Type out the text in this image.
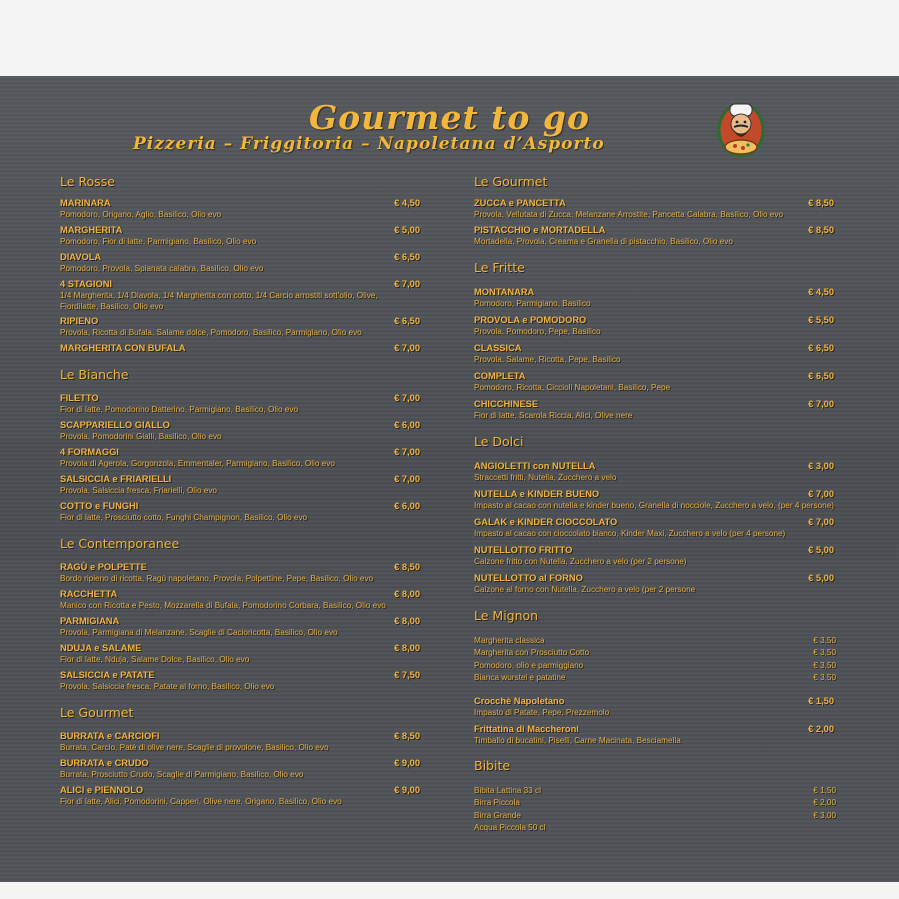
Gourmet to go
Pizzeria – Friggitoria – Napoletana d’Asporto
Le Rosse
MARINARA	€ 4,50
Pomodoro, Origano, Aglio, Basilico, Olio evo
MARGHERITA	€ 5,00
Pomodoro, Fior di latte, Parmigiano, Basilico, Olio evo
DIAVOLA	€ 6,50
Pomodoro, Provola, Spianata calabra, Basilico, Olio evo
4 STAGIONI	€ 7,00
1/4 Margherita, 1/4 Diavola, 1/4 Margherita con cotto, 1/4 Carcio arrostiti sott’olio, Olive, Fiordilatte, Basilico, Olio evo
RIPIENO	€ 6,50
Provola, Ricotta di Bufala, Salame dolce, Pomodoro, Basilico, Parmigiano, Olio evo
MARGHERITA CON BUFALA	€ 7,00
Le Bianche
FILETTO	€ 7,00
Fior di latte, Pomodorino Datterino, Parmigiano, Basilico, Olio evo
SCAPPARIELLO GIALLO	€ 6,00
Provola, Pomodorini Gialli, Basilico, Olio evo
4 FORMAGGI	€ 7,00
Provola di Agerola, Gorgonzola, Emmentaler, Parmigiano, Basilico, Olio evo
SALSICCIA e FRIARIELLI	€ 7,00
Provola, Salsiccia fresca, Friarielli, Olio evo
COTTO e FUNGHI	€ 6,00
Fior di latte, Prosciutto cotto, Funghi Champignon, Basilico, Olio evo
Le Contemporanee
RAGÙ e POLPETTE	€ 8,50
Bordo ripieno di ricotta, Ragù napoletano, Provola, Polpettine, Pepe, Basilico, Olio evo
RACCHETTA	€ 8,00
Manico con Ricotta e Pesto, Mozzarella di Bufala, Pomodorino Corbara, Basilico, Olio evo
PARMIGIANA	€ 8,00
Provola, Parmigiana di Melanzane, Scaglie di Cacioricotta, Basilico, Olio evo
NDUJA e SALAME	€ 8,00
Fior di latte, Nduja, Salame Dolce, Basilico, Olio evo
SALSICCIA e PATATE	€ 7,50
Provola, Salsiccia fresca, Patate al forno, Basilico, Olio evo
Le Gourmet
BURRATA e CARCIOFI	€ 8,50
Burrata, Carcio, Patè di olive nere, Scaglie di provolone, Basilico, Olio evo
BURRATA e CRUDO	€ 9,00
Burrata, Prosciutto Crudo, Scaglie di Parmigiano, Basilico, Olio evo
ALICI e PIENNOLO	€ 9,00
Fior di latte, Alici, Pomodorini, Capperi, Olive nere, Origano, Basilico, Olio evo
Le Gourmet
ZUCCA e PANCETTA	€ 8,50
Provola, Vellutata di Zucca, Melanzane Arrostite, Pancetta Calabra, Basilico, Olio evo
PISTACCHIO e MORTADELLA	€ 8,50
Mortadella, Provola, Creama e Granella di pistacchio, Basilico, Olio evo
Le Fritte
MONTANARA	€ 4,50
Pomodoro, Parmigiano, Basilico
PROVOLA e POMODORO	€ 5,50
Provola, Pomodoro, Pepe, Basilico
CLASSICA	€ 6,50
Provola, Salame, Ricotta, Pepe, Basilico
COMPLETA	€ 6,50
Pomodoro, Ricotta, Ciccioli Napoletani, Basilico, Pepe
CHICCHINESE	€ 7,00
Fior di latte, Scarola Riccia, Alici, Olive nere
Le Dolci
ANGIOLETTI con NUTELLA	€ 3,00
Straccetti fritti, Nutella, Zucchero a velo
NUTELLA e KINDER BUENO	€ 7,00
Impasto al cacao con nutella e kinder bueno, Granella di nocciole, Zucchero a velo, (per 4 persone)
GALAK e KINDER CIOCCOLATO	€ 7,00
Impasto al cacao con cioccolato bianco, Kinder Maxi, Zucchero a velo (per 4 persone)
NUTELLOTTO FRITTO	€ 5,00
Calzone fritto con Nutella, Zucchero a velo (per 2 persone)
NUTELLOTTO al FORNO	€ 5,00
Calzone al forno con Nutella, Zucchero a velo (per 2 persone
Le Mignon
Margherita classica	€ 3,50
Margherita con Prosciutto Cotto	€ 3,50
Pomodoro, olio e parmiggiano	€ 3,50
Bianca wurstel e patatine	€ 3,50
Crocchè Napoletano	€ 1,50
Impasto di Patate, Pepe, Prezzemolo
Frittatina di Maccheroni	€ 2,00
Timballo di bucatini, Piselli, Carne Macinata, Besciamella
Bibite
Bibita Lattina 33 cl	€ 1,50
Birra Piccola	€ 2,00
Birra Grande	€ 3,00
Acqua Piccola 50 cl
